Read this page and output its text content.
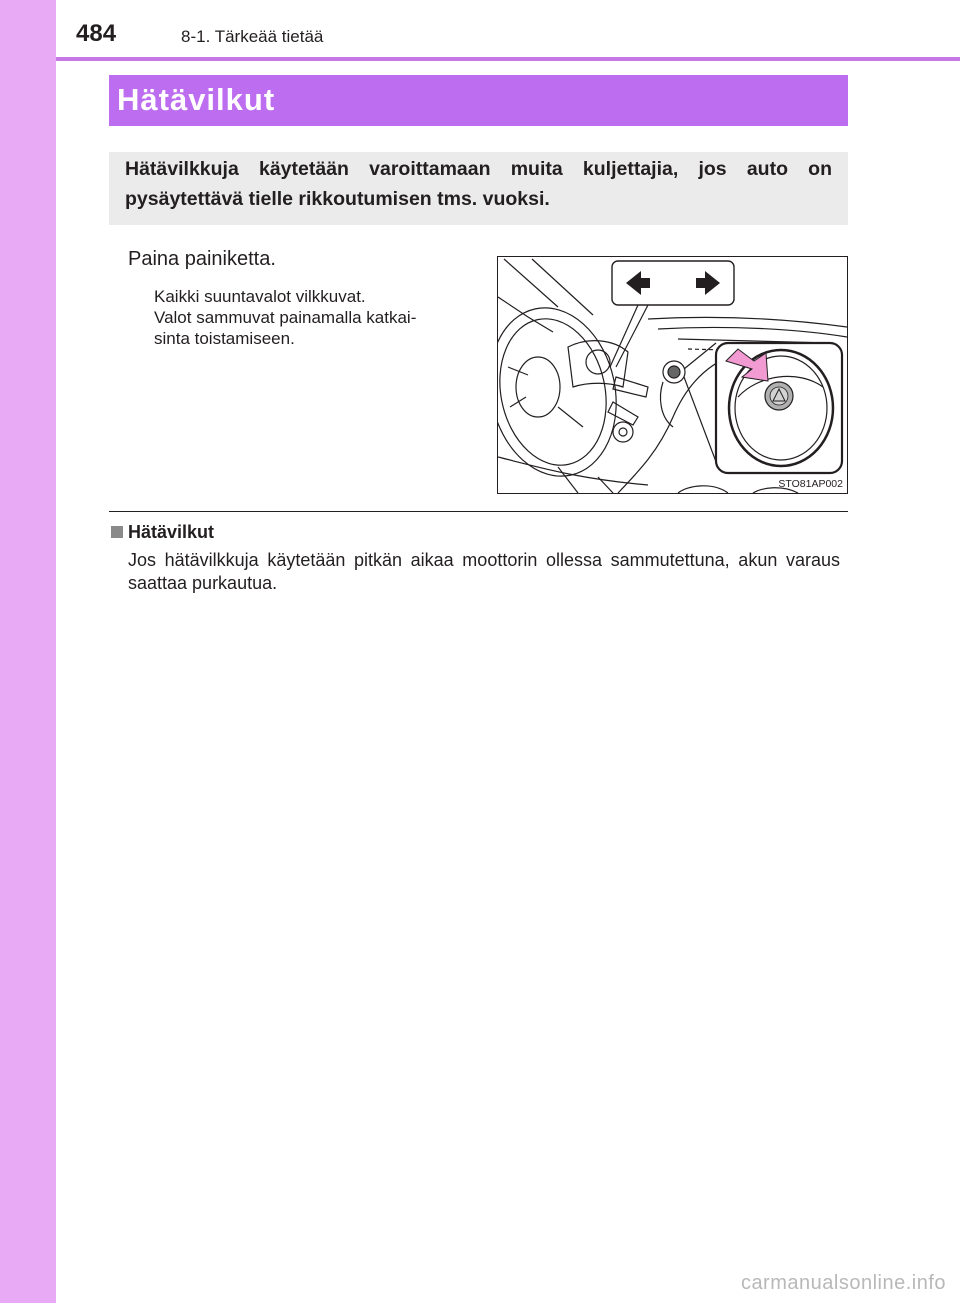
484	8-1. Tärkeää tietää
Hätävilkut
Hätävilkkuja käytetään varoittamaan muita kuljettajia, jos auto on pysäytettävä tielle rikkoutumisen tms. vuoksi.
Paina painiketta.
Kaikki suuntavalot vilkkuvat.
Valot sammuvat painamalla katkai-
sinta toistamiseen.
STO81AP002
Hätävilkut
Jos hätävilkkuja käytetään pitkän aikaa moottorin ollessa sammutettuna, akun varaus saattaa purkautua.
carmanualsonline.info
